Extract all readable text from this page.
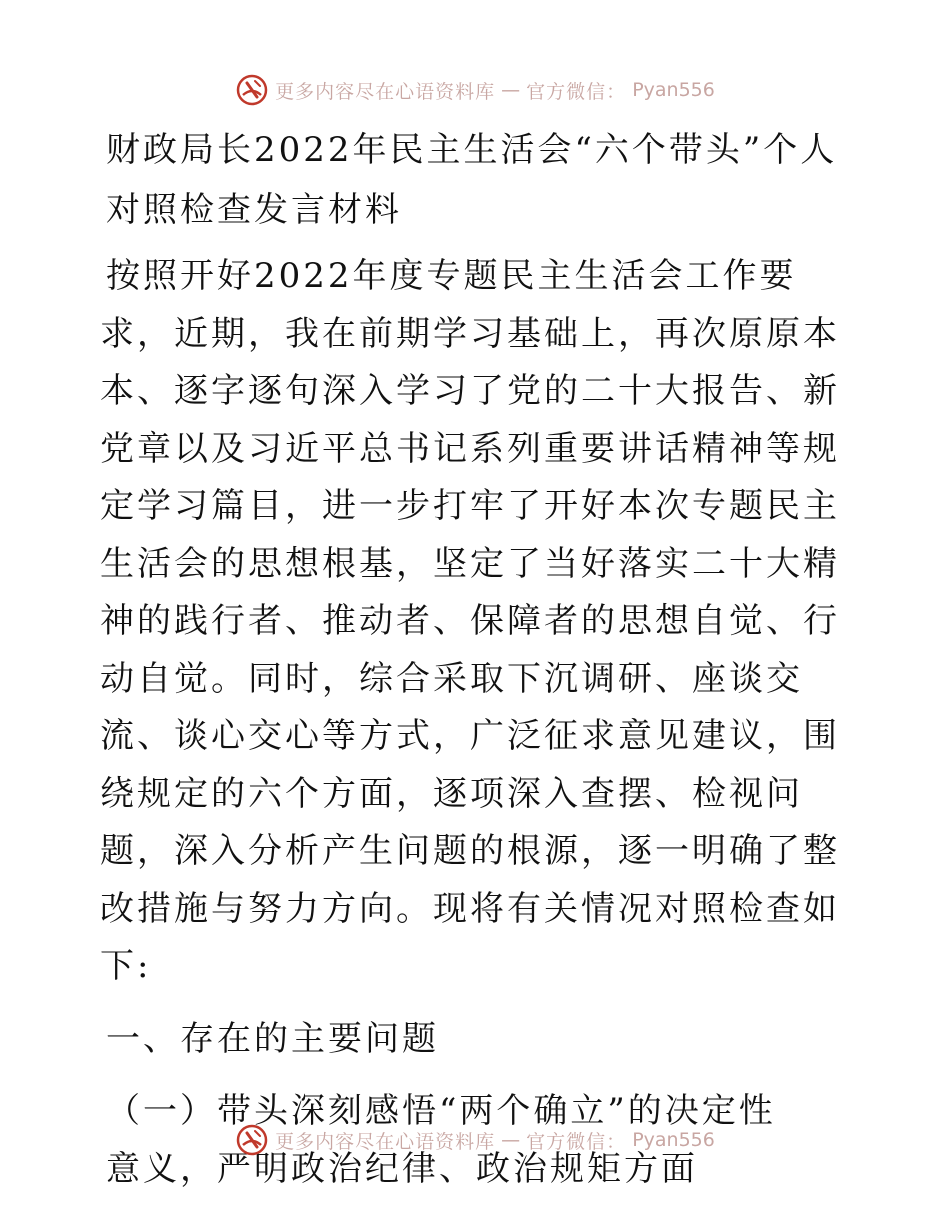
更多内容尽在心语资料库 — 官方微信： Pyan556
财政局长2022年民主生活会“六个带头”个人对照检查发言材料

按照开好2022年度专题民主生活会工作要求，近期，我在前期学习基础上，再次原原本本、逐字逐句深入学习了党的二十大报告、新党章以及习近平总书记系列重要讲话精神等规定学习篇目，进一步打牢了开好本次专题民主生活会的思想根基，坚定了当好落实二十大精神的践行者、推动者、保障者的思想自觉、行动自觉。同时，综合采取下沉调研、座谈交流、谈心交心等方式，广泛征求意见建议，围绕规定的六个方面，逐项深入查摆、检视问题，深入分析产生问题的根源，逐一明确了整改措施与努力方向。现将有关情况对照检查如下:

一、存在的主要问题
（一）带头深刻感悟“两个确立”的决定性意义，严明政治纪律、政治规矩方面
更多内容尽在心语资料库 — 官方微信： Pyan556
